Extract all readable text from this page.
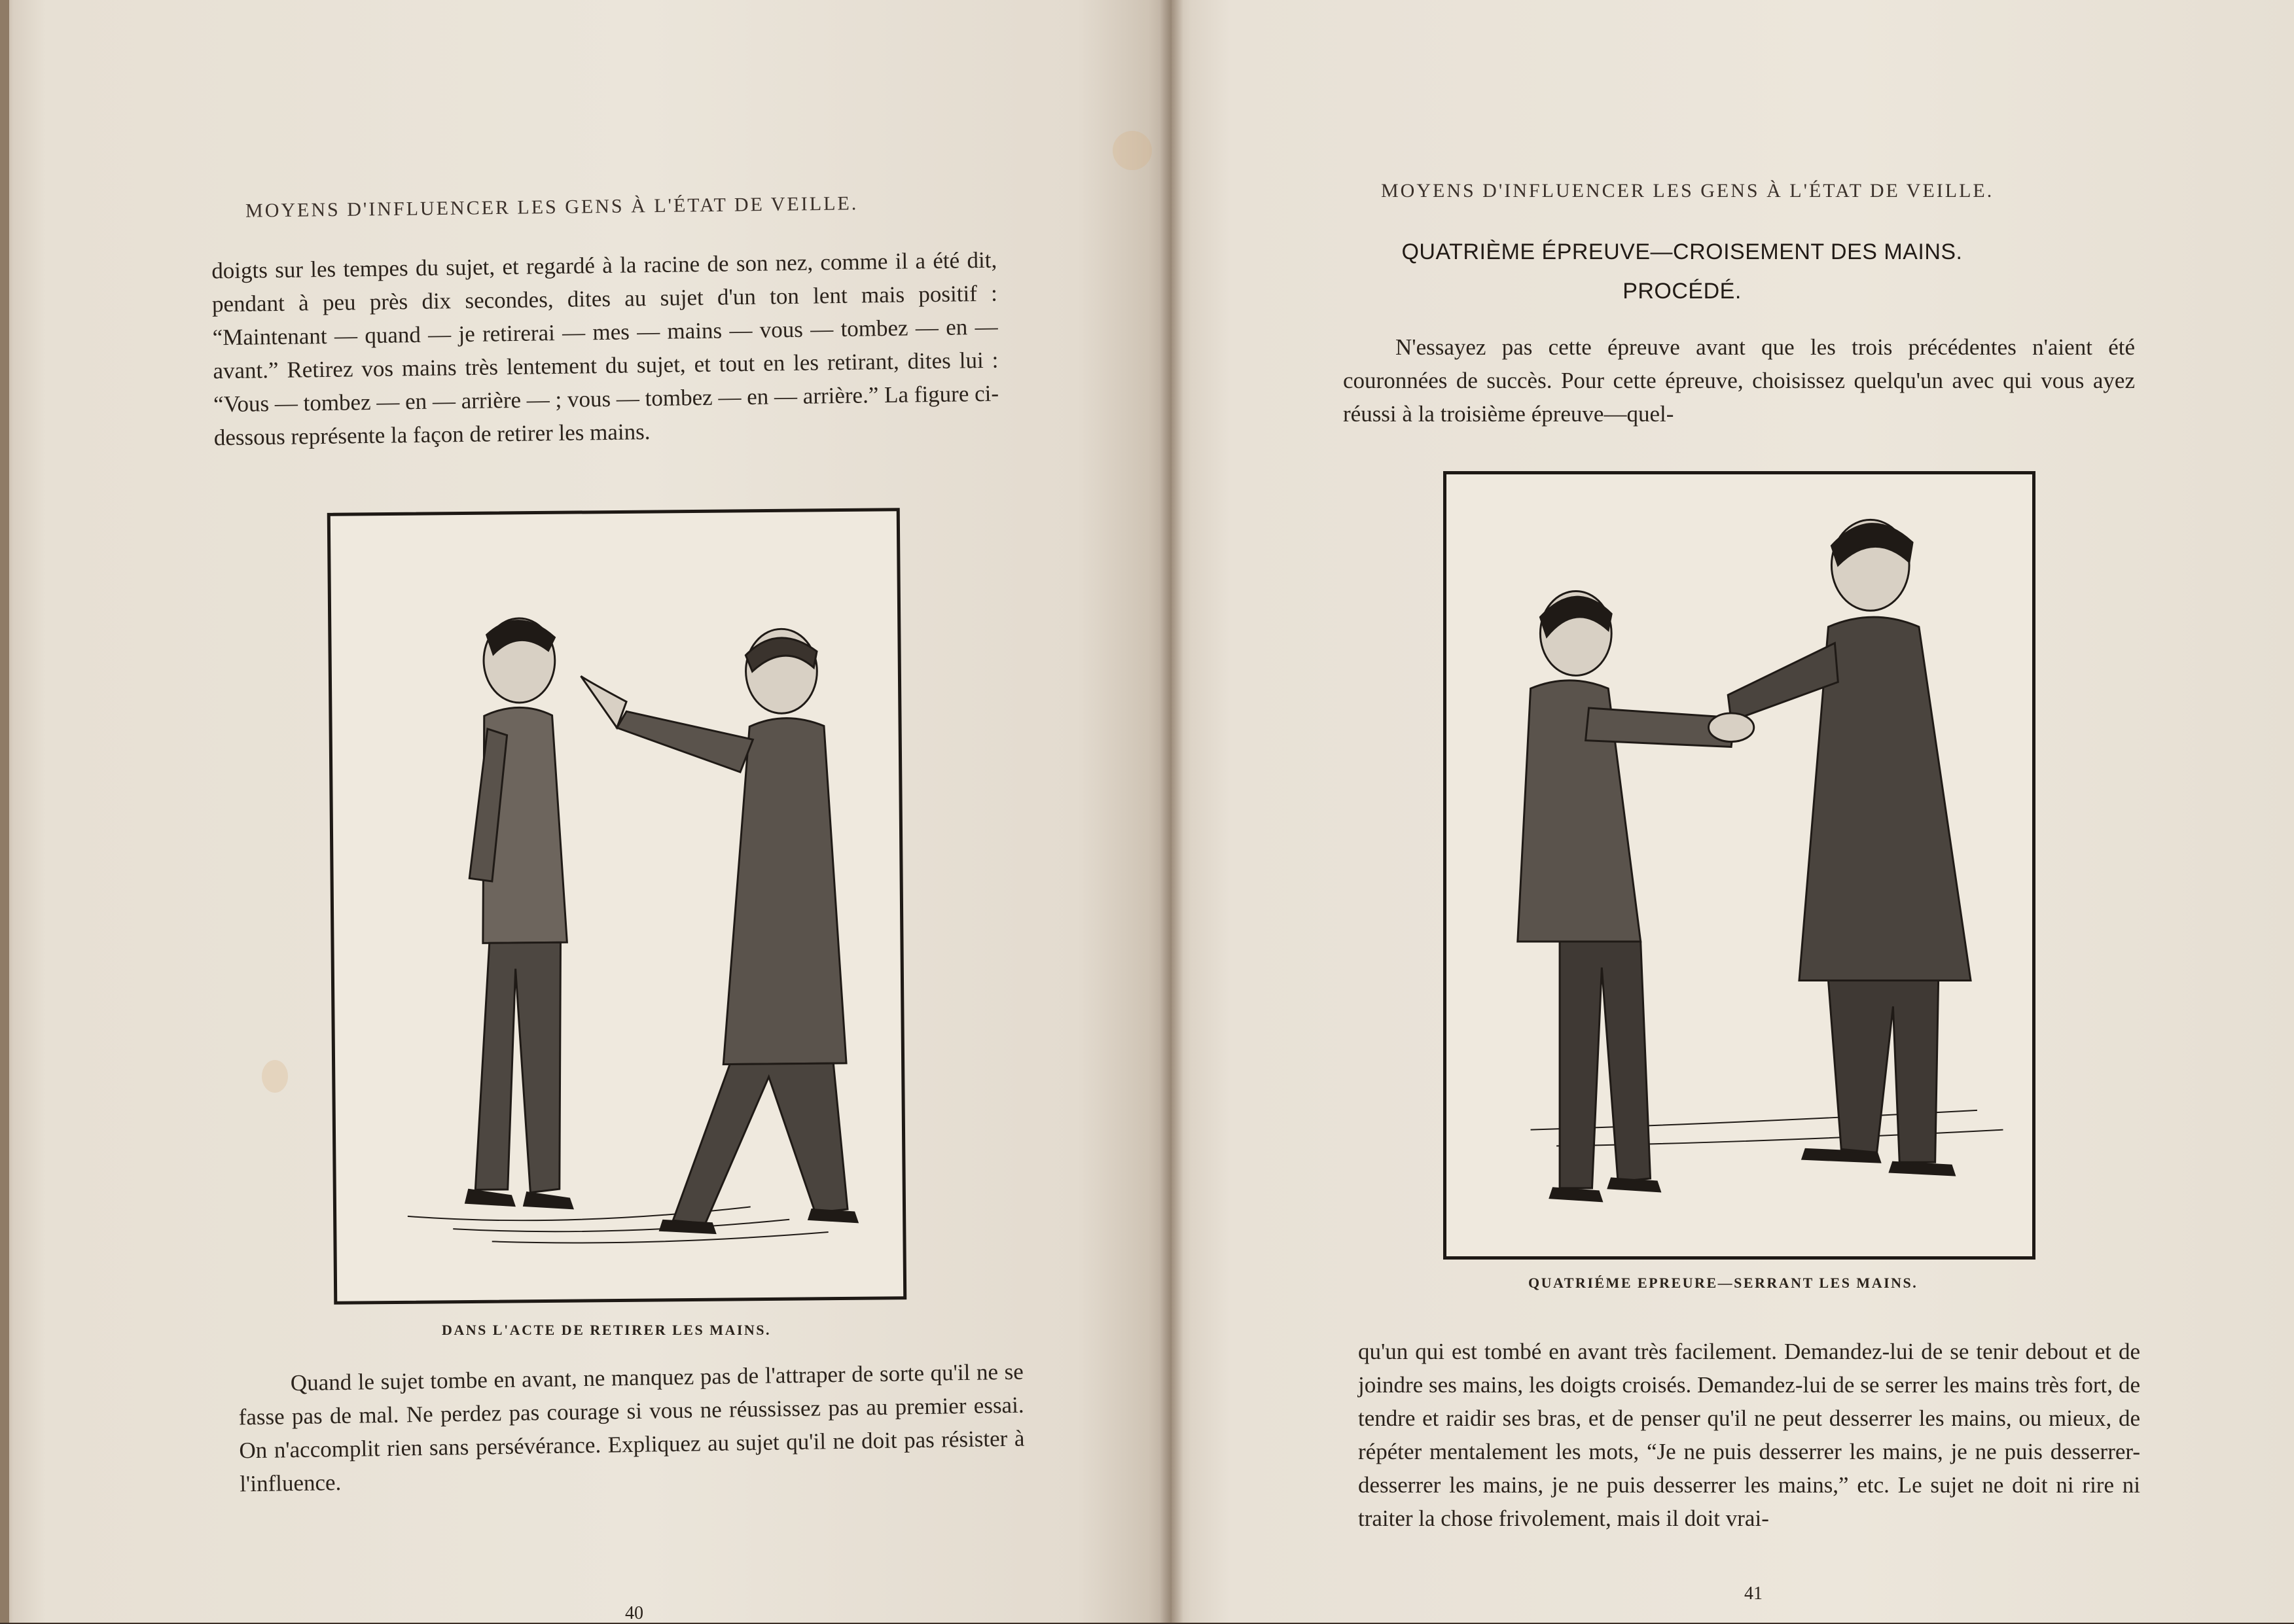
MOYENS D'INFLUENCER LES GENS À L'ÉTAT DE VEILLE.

doigts sur les tempes du sujet, et regardé à la racine de son nez, comme il a été dit, pendant à peu près dix secondes, dites au sujet d'un ton lent mais positif : “Maintenant — quand — je retirerai — mes — mains — vous — tombez — en — avant.” Retirez vos mains très lentement du sujet, et tout en les retirant, dites lui : “Vous — tombez — en — arrière — ; vous — tombez — en — arrière.” La figure ci-dessous représente la façon de retirer les mains.

DANS L'ACTE DE RETIRER LES MAINS.

Quand le sujet tombe en avant, ne manquez pas de l'attraper de sorte qu'il ne se fasse pas de mal. Ne perdez pas courage si vous ne réussissez pas au premier essai. On n'accomplit rien sans persévérance. Expliquez au sujet qu'il ne doit pas résister à l'influence.

40
MOYENS D'INFLUENCER LES GENS À L'ÉTAT DE VEILLE.
QUATRIÈME ÉPREUVE—CROISEMENT DES MAINS.
PROCÉDÉ.

N'essayez pas cette épreuve avant que les trois précédentes n'aient été couronnées de succès. Pour cette épreuve, choisissez quelqu'un avec qui vous ayez réussi à la troisième épreuve—quel-

QUATRIÉME EPREURE—SERRANT LES MAINS.

qu'un qui est tombé en avant très facilement. Demandez-lui de se tenir debout et de joindre ses mains, les doigts croisés. Demandez-lui de se serrer les mains très fort, de tendre et raidir ses bras, et de penser qu'il ne peut desserrer les mains, ou mieux, de répéter mentalement les mots, “Je ne puis desserrer les mains, je ne puis desserrer-desserrer les mains, je ne puis desserrer les mains,” etc. Le sujet ne doit ni rire ni traiter la chose frivolement, mais il doit vrai-

41
